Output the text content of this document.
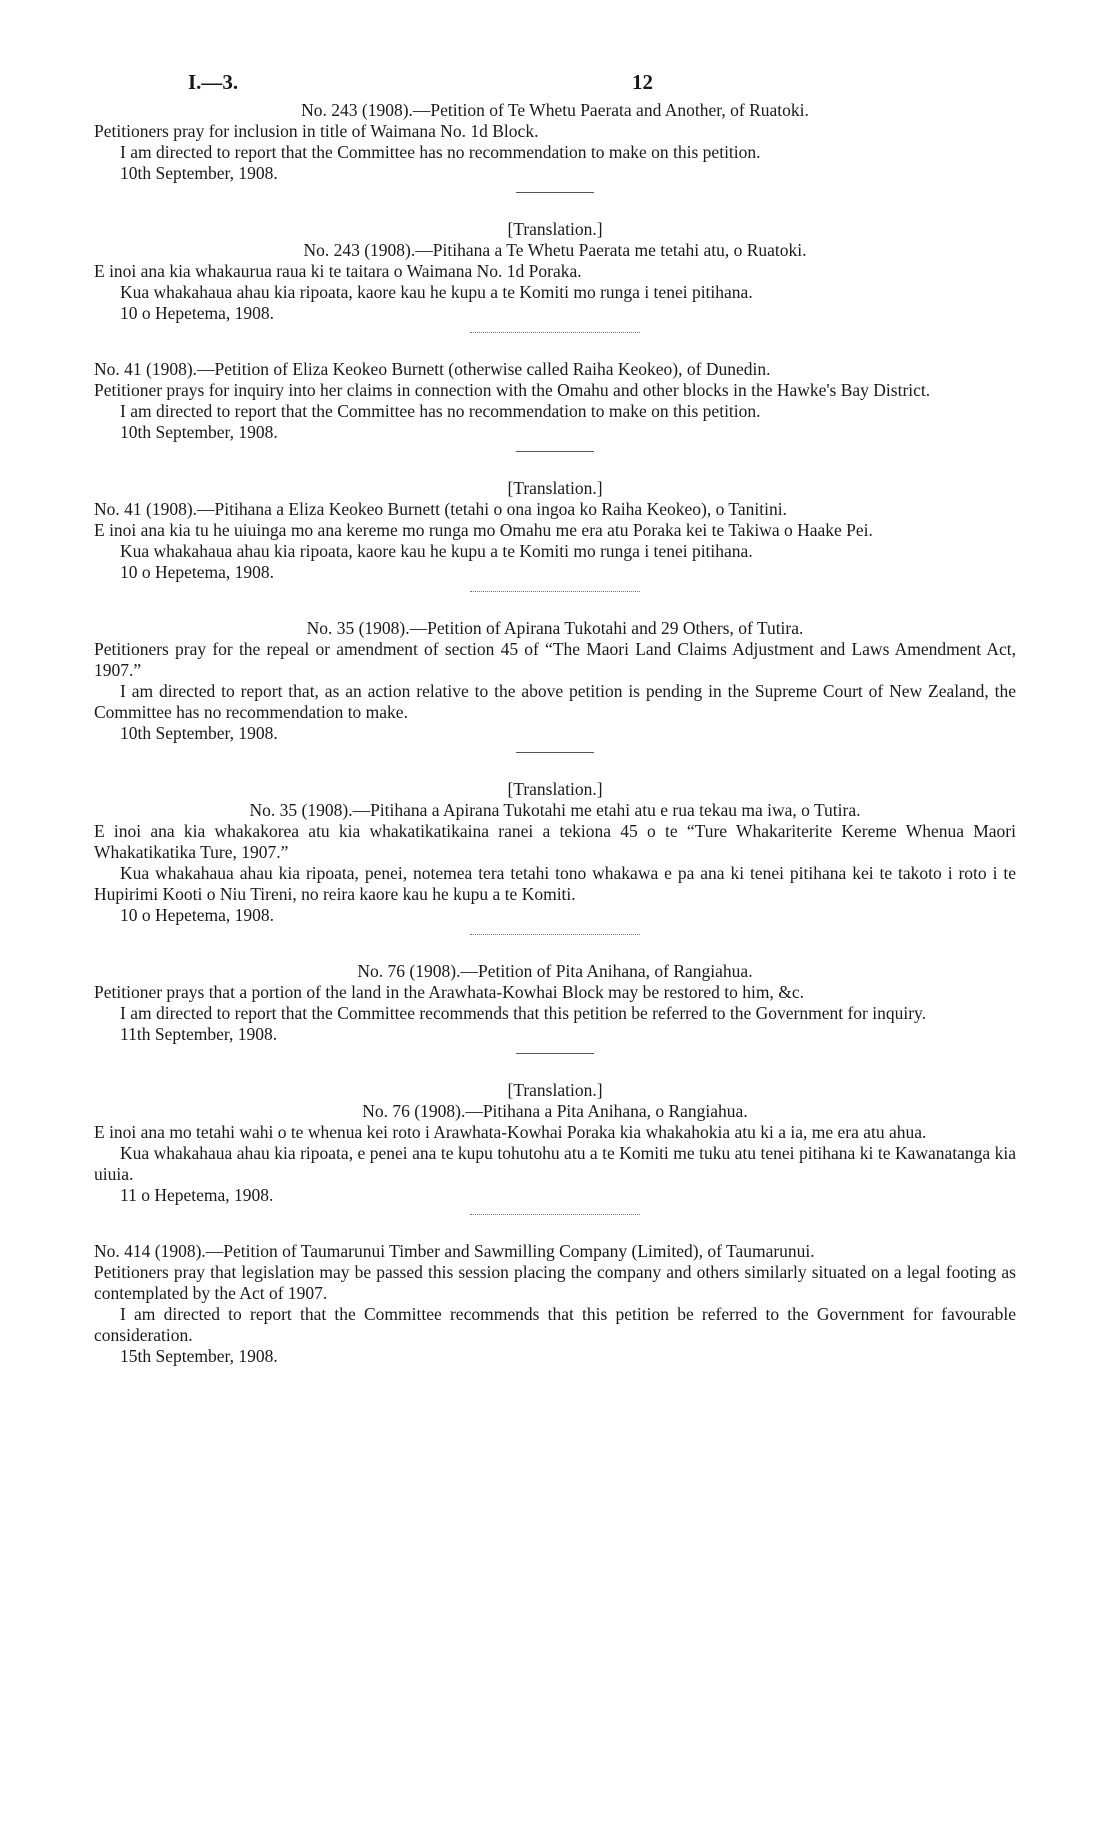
I.—3.	12

No. 243 (1908).—Petition of Te Whetu Paerata and Another, of Ruatoki.

Petitioners pray for inclusion in title of Waimana No. 1d Block.

I am directed to report that the Committee has no recommendation to make on this petition.

10th September, 1908.

[Translation.]

No. 243 (1908).—Pitihana a Te Whetu Paerata me tetahi atu, o Ruatoki.

E inoi ana kia whakaurua raua ki te taitara o Waimana No. 1d Poraka.

Kua whakahaua ahau kia ripoata, kaore kau he kupu a te Komiti mo runga i tenei pitihana.

10 o Hepetema, 1908.

No. 41 (1908).—Petition of Eliza Keokeo Burnett (otherwise called Raiha Keokeo), of Dunedin.

Petitioner prays for inquiry into her claims in connection with the Omahu and other blocks in the Hawke's Bay District.

I am directed to report that the Committee has no recommendation to make on this petition.

10th September, 1908.

[Translation.]

No. 41 (1908).—Pitihana a Eliza Keokeo Burnett (tetahi o ona ingoa ko Raiha Keokeo), o Tanitini.

E inoi ana kia tu he uiuinga mo ana kereme mo runga mo Omahu me era atu Poraka kei te Takiwa o Haake Pei.

Kua whakahaua ahau kia ripoata, kaore kau he kupu a te Komiti mo runga i tenei pitihana.

10 o Hepetema, 1908.

No. 35 (1908).—Petition of Apirana Tukotahi and 29 Others, of Tutira.

Petitioners pray for the repeal or amendment of section 45 of “The Maori Land Claims Adjustment and Laws Amendment Act, 1907.”

I am directed to report that, as an action relative to the above petition is pending in the Supreme Court of New Zealand, the Committee has no recommendation to make.

10th September, 1908.

[Translation.]

No. 35 (1908).—Pitihana a Apirana Tukotahi me etahi atu e rua tekau ma iwa, o Tutira.

E inoi ana kia whakakorea atu kia whakatikatikaina ranei a tekiona 45 o te “Ture Whakariterite Kereme Whenua Maori Whakatikatika Ture, 1907.”

Kua whakahaua ahau kia ripoata, penei, notemea tera tetahi tono whakawa e pa ana ki tenei pitihana kei te takoto i roto i te Hupirimi Kooti o Niu Tireni, no reira kaore kau he kupu a te Komiti.

10 o Hepetema, 1908.

No. 76 (1908).—Petition of Pita Anihana, of Rangiahua.

Petitioner prays that a portion of the land in the Arawhata-Kowhai Block may be restored to him, &c.

I am directed to report that the Committee recommends that this petition be referred to the Government for inquiry.

11th September, 1908.

[Translation.]

No. 76 (1908).—Pitihana a Pita Anihana, o Rangiahua.

E inoi ana mo tetahi wahi o te whenua kei roto i Arawhata-Kowhai Poraka kia whakahokia atu ki a ia, me era atu ahua.

Kua whakahaua ahau kia ripoata, e penei ana te kupu tohutohu atu a te Komiti me tuku atu tenei pitihana ki te Kawanatanga kia uiuia.

11 o Hepetema, 1908.

No. 414 (1908).—Petition of Taumarunui Timber and Sawmilling Company (Limited), of Taumarunui.

Petitioners pray that legislation may be passed this session placing the company and others similarly situated on a legal footing as contemplated by the Act of 1907.

I am directed to report that the Committee recommends that this petition be referred to the Government for favourable consideration.

15th September, 1908.
